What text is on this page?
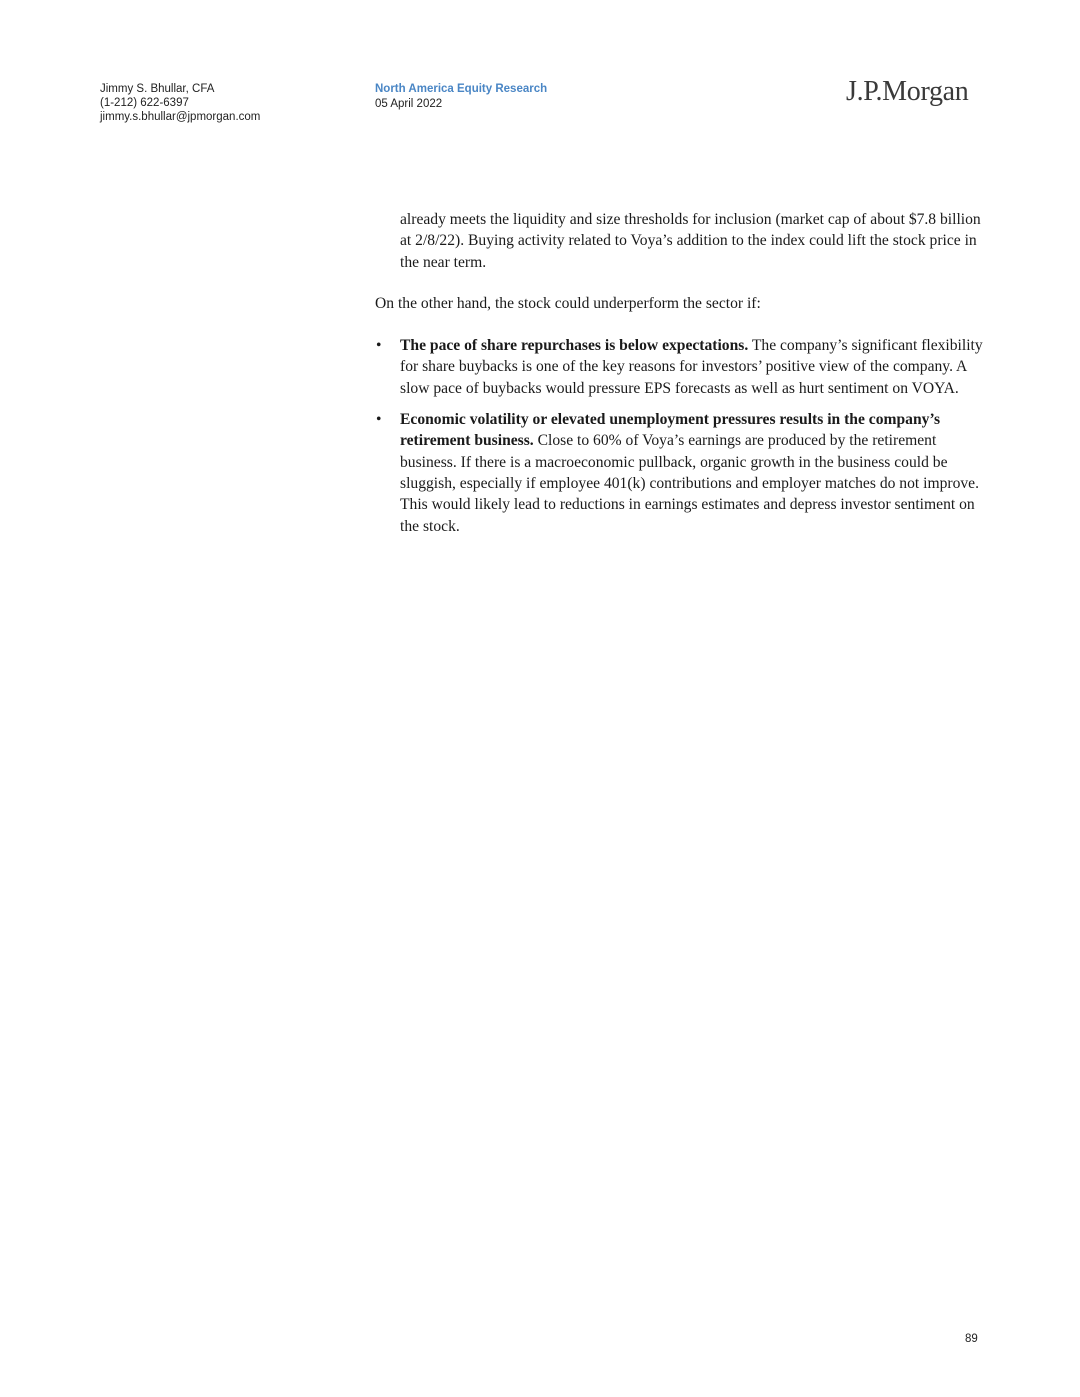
Jimmy S. Bhullar, CFA
(1-212) 622-6397
jimmy.s.bhullar@jpmorgan.com
North America Equity Research
05 April 2022	J.P.Morgan

already meets the liquidity and size thresholds for inclusion (market cap of about $7.8 billion at 2/8/22). Buying activity related to Voya’s addition to the index could lift the stock price in the near term.

On the other hand, the stock could underperform the sector if:

• The pace of share repurchases is below expectations. The company’s significant flexibility for share buybacks is one of the key reasons for investors’ positive view of the company. A slow pace of buybacks would pressure EPS forecasts as well as hurt sentiment on VOYA.
• Economic volatility or elevated unemployment pressures results in the company’s retirement business. Close to 60% of Voya’s earnings are produced by the retirement business. If there is a macroeconomic pullback, organic growth in the business could be sluggish, especially if employee 401(k) contributions and employer matches do not improve. This would likely lead to reductions in earnings estimates and depress investor sentiment on the stock.
89
